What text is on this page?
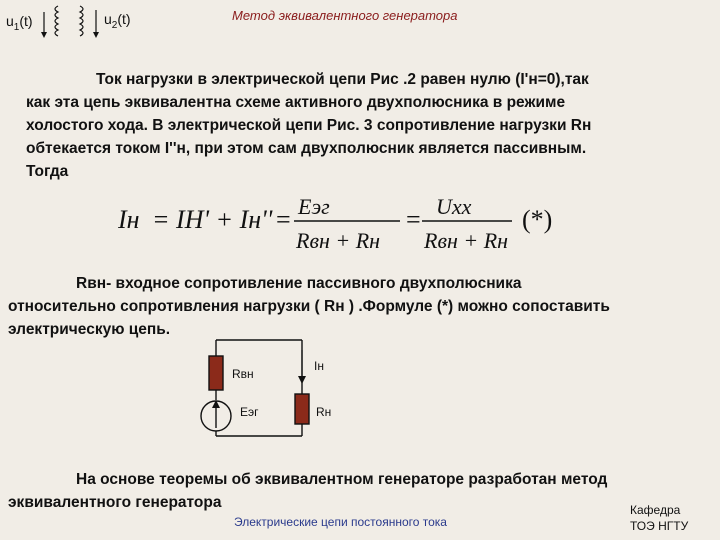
$u_1(t)$	$u_2(t)$	Метод эквивалентного генератора
Ток нагрузки в электрической цепи Рис .2 равен нулю (I'н=0),так
как эта цепь эквивалентна схеме активного двухполюсника в режиме
холостого хода. В электрической цепи Рис. 3 сопротивление нагрузки Rн
обтекается током I''н, при этом сам двухполюсник является пассивным.
Тогда
Iн = IН' + Iн'' = Eэг
Rвн + Rн
= Uxx
Rвн + Rн
(*)
Rвн- входное сопротивление пассивного двухполюсника
относительно сопротивления нагрузки ( Rн ) .Формуле (*) можно сопоставить
электрическую цепь.
Rвн
Eэг
Iн
Rн
На основе теоремы об эквивалентном генераторе разработан метод
эквивалентного генератора
Электрические цепи постоянного тока
Кафедра
ТОЭ НГТУ
